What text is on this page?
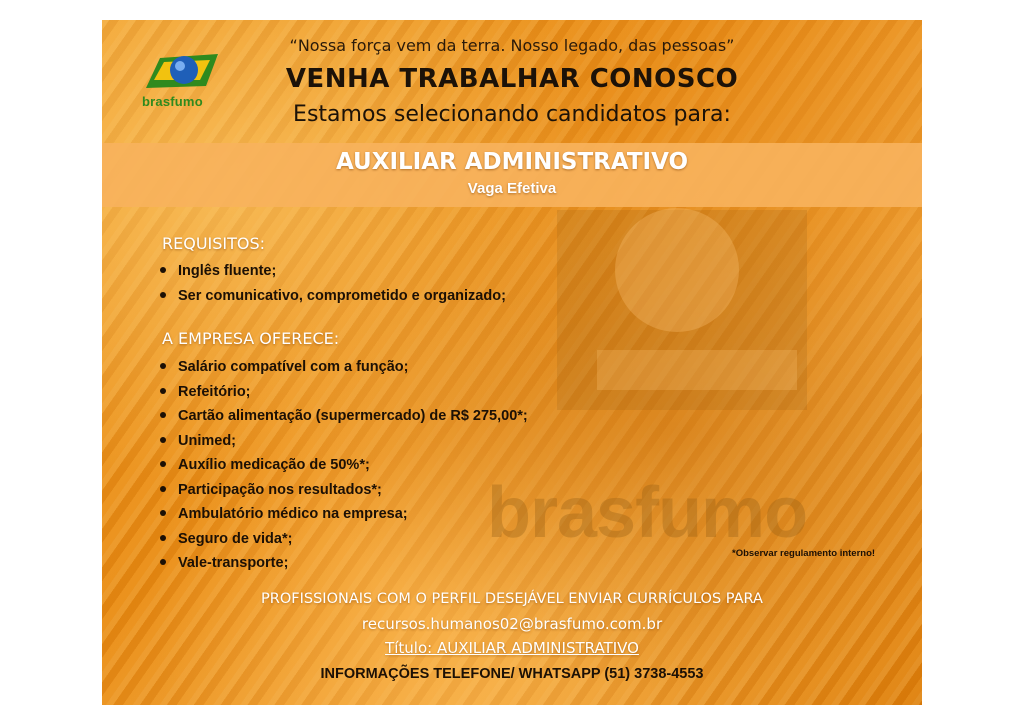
brasfumo
“Nossa força vem da terra. Nosso legado, das pessoas”
VENHA TRABALHAR CONOSCO
Estamos selecionando candidatos para:
AUXILIAR ADMINISTRATIVO
Vaga Efetiva
brasfumo
REQUISITOS:
Inglês fluente;
Ser comunicativo, comprometido e organizado;
A EMPRESA OFERECE:
Salário compatível com a função;
Refeitório;
Cartão alimentação (supermercado) de R$ 275,00*;
Unimed;
Auxílio medicação de 50%*;
Participação nos resultados*;
Ambulatório médico na empresa;
Seguro de vida*;
Vale-transporte;
*Observar regulamento interno!
PROFISSIONAIS COM O PERFIL DESEJÁVEL ENVIAR CURRÍCULOS PARA
recursos.humanos02@brasfumo.com.br
Título: AUXILIAR ADMINISTRATIVO
INFORMAÇÕES TELEFONE/ WHATSAPP (51) 3738-4553
